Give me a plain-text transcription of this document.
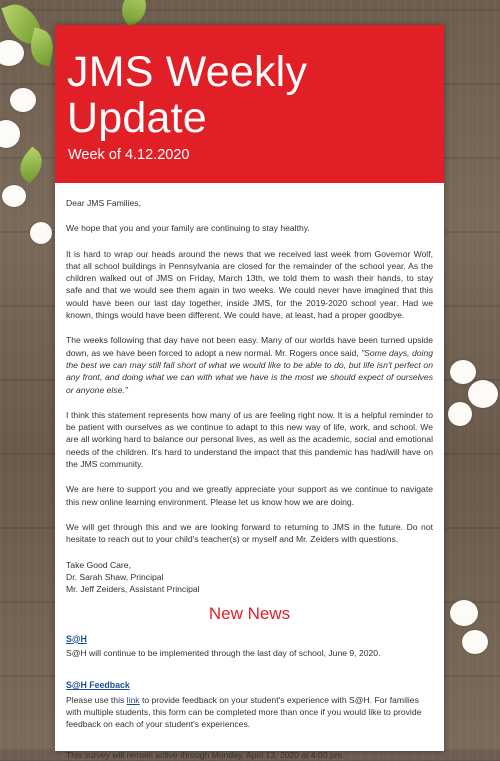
JMS Weekly Update
Week of 4.12.2020

Dear JMS Families,

We hope that you and your family are continuing to stay healthy.

It is hard to wrap our heads around the news that we received last week from Governor Wolf, that all school buildings in Pennsylvania are closed for the remainder of the school year. As the children walked out of JMS on Friday, March 13th, we told them to wash their hands, to stay safe and that we would see them again in two weeks. We could never have imagined that this would have been our last day together, inside JMS, for the 2019-2020 school year. Had we known, things would have been different. We could have, at least, had a proper goodbye.

The weeks following that day have not been easy. Many of our worlds have been turned upside down, as we have been forced to adopt a new normal. Mr. Rogers once said, "Some days, doing the best we can may still fall short of what we would like to be able to do, but life isn't perfect on any front, and doing what we can with what we have is the most we should expect of ourselves or anyone else."

I think this statement represents how many of us are feeling right now. It is a helpful reminder to be patient with ourselves as we continue to adapt to this new way of life, work, and school. We are all working hard to balance our personal lives, as well as the academic, social and emotional needs of the children. It's hard to understand the impact that this pandemic has had/will have on the JMS community.

We are here to support you and we greatly appreciate your support as we continue to navigate this new online learning environment. Please let us know how we are doing.

We will get through this and we are looking forward to returning to JMS in the future. Do not hesitate to reach out to your child's teacher(s) or myself and Mr. Zeiders with questions.

Take Good Care,
Dr. Sarah Shaw, Principal
Mr. Jeff Zeiders, Assistant Principal

New News
S@H
S@H will continue to be implemented through the last day of school, June 9, 2020.
S@H Feedback
Please use this link to provide feedback on your student's experience with S@H. For families with multiple students, this form can be completed more than once if you would like to provide feedback on each of your student's experiences.
This survey will remain active through Monday, April 13, 2020 at 4:00 pm.
